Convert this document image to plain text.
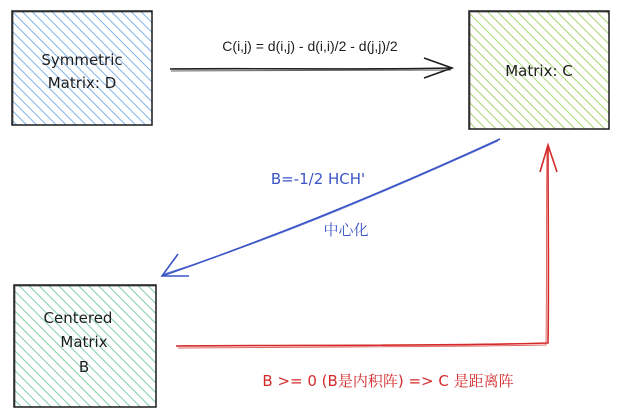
Symmetric
Matrix: D
Matrix: C
Centered
Matrix
B
C(i,j) = d(i,j) - d(i,i)/2 - d(j,j)/2
B=-1/2 HCH'
中心化
B >= 0 (B是内积阵) => C 是距离阵
